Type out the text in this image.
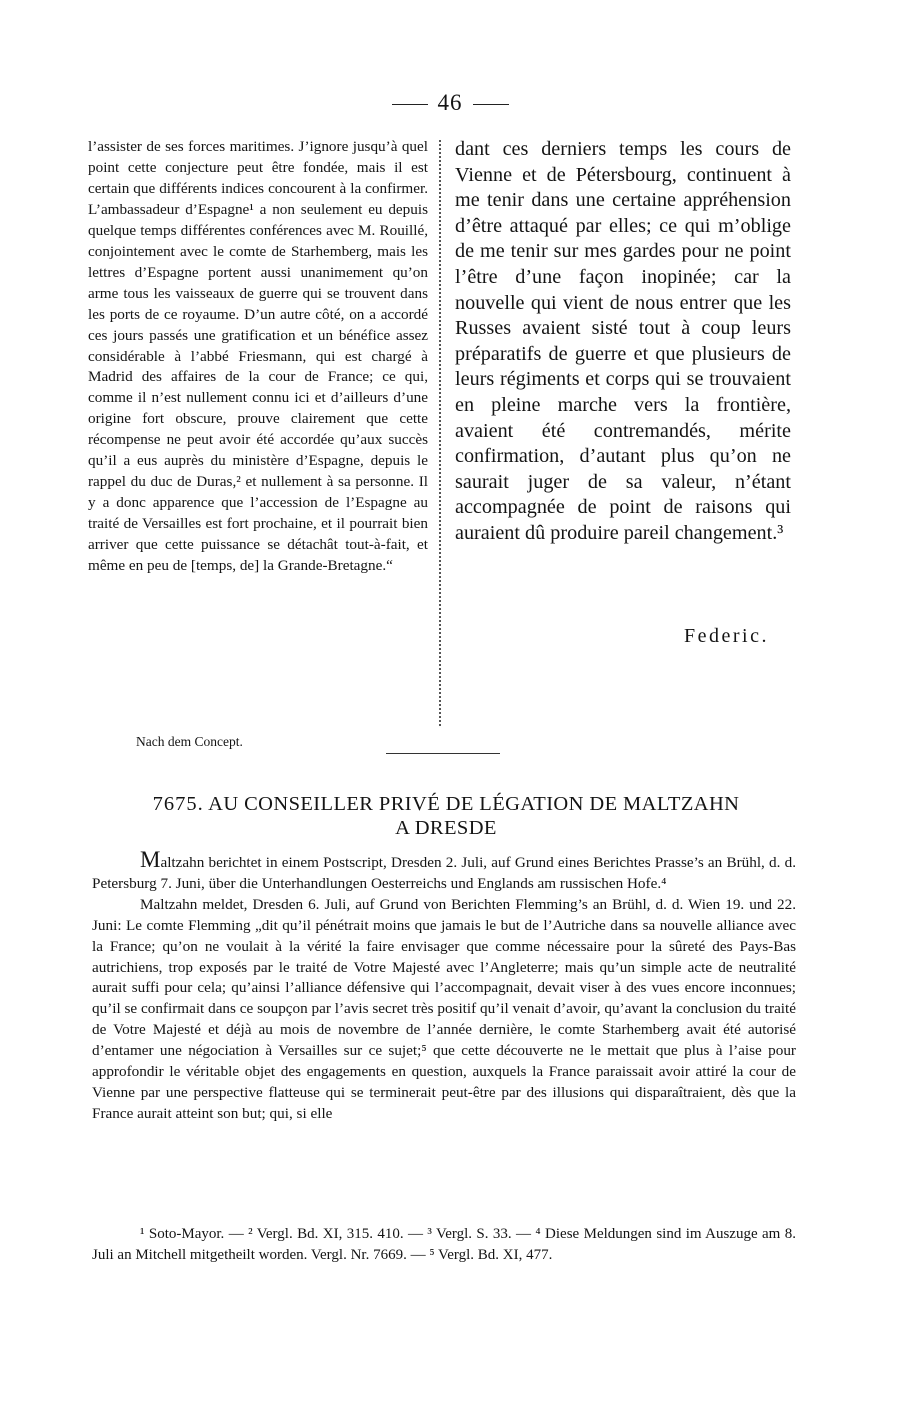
46

l’assister de ses forces maritimes. J’ignore jusqu’à quel point cette conjecture peut être fondée, mais il est certain que différents indices concourent à la confirmer. L’ambassadeur d’Espagne¹ a non seulement eu depuis quelque temps différentes conférences avec M. Rouillé, conjointement avec le comte de Starhemberg, mais les lettres d’Espagne portent aussi unanimement qu’on arme tous les vaisseaux de guerre qui se trouvent dans les ports de ce royaume. D’un autre côté, on a accordé ces jours passés une gratification et un bénéfice assez considérable à l’abbé Friesmann, qui est chargé à Madrid des affaires de la cour de France; ce qui, comme il n’est nullement connu ici et d’ailleurs d’une origine fort obscure, prouve clairement que cette récompense ne peut avoir été accordée qu’aux succès qu’il a eus auprès du ministère d’Espagne, depuis le rappel du duc de Duras,² et nullement à sa personne. Il y a donc apparence que l’accession de l’Espagne au traité de Versailles est fort prochaine, et il pourrait bien arriver que cette puissance se détachât tout-à-fait, et même en peu de [temps, de] la Grande-Bretagne.“

dant ces derniers temps les cours de Vienne et de Pétersbourg, continuent à me tenir dans une certaine appréhension d’être attaqué par elles; ce qui m’oblige de me tenir sur mes gardes pour ne point l’être d’une façon inopinée; car la nouvelle qui vient de nous entrer que les Russes avaient sisté tout à coup leurs préparatifs de guerre et que plusieurs de leurs régiments et corps qui se trouvaient en pleine marche vers la frontière, avaient été contremandés, mérite confirmation, d’autant plus qu’on ne saurait juger de sa valeur, n’étant accompagnée de point de raisons qui auraient dû produire pareil changement.³

Federic.
Nach dem Concept.
7675. AU CONSEILLER PRIVÉ DE LÉGATION DE MALTZAHN
A DRESDE

Maltzahn berichtet in einem Postscript, Dresden 2. Juli, auf Grund eines Berichtes Prasse’s an Brühl, d. d. Petersburg 7. Juni, über die Unterhandlungen Oesterreichs und Englands am russischen Hofe.⁴

Maltzahn meldet, Dresden 6. Juli, auf Grund von Berichten Flemming’s an Brühl, d. d. Wien 19. und 22. Juni: Le comte Flemming „dit qu’il pénétrait moins que jamais le but de l’Autriche dans sa nouvelle alliance avec la France; qu’on ne voulait à la vérité la faire envisager que comme nécessaire pour la sûreté des Pays-Bas autrichiens, trop exposés par le traité de Votre Majesté avec l’Angleterre; mais qu’un simple acte de neutralité aurait suffi pour cela; qu’ainsi l’alliance défensive qui l’accompagnait, devait viser à des vues encore inconnues; qu’il se confirmait dans ce soupçon par l’avis secret très positif qu’il venait d’avoir, qu’avant la conclusion du traité de Votre Majesté et déjà au mois de novembre de l’année dernière, le comte Starhemberg avait été autorisé d’entamer une négociation à Versailles sur ce sujet;⁵ que cette découverte ne le mettait que plus à l’aise pour approfondir le véritable objet des engagements en question, auxquels la France paraissait avoir attiré la cour de Vienne par une perspective flatteuse qui se terminerait peut-être par des illusions qui disparaîtraient, dès que la France aurait atteint son but; qui, si elle

¹ Soto-Mayor. — ² Vergl. Bd. XI, 315. 410. — ³ Vergl. S. 33. — ⁴ Diese Meldungen sind im Auszuge am 8. Juli an Mitchell mitgetheilt worden. Vergl. Nr. 7669. — ⁵ Vergl. Bd. XI, 477.
